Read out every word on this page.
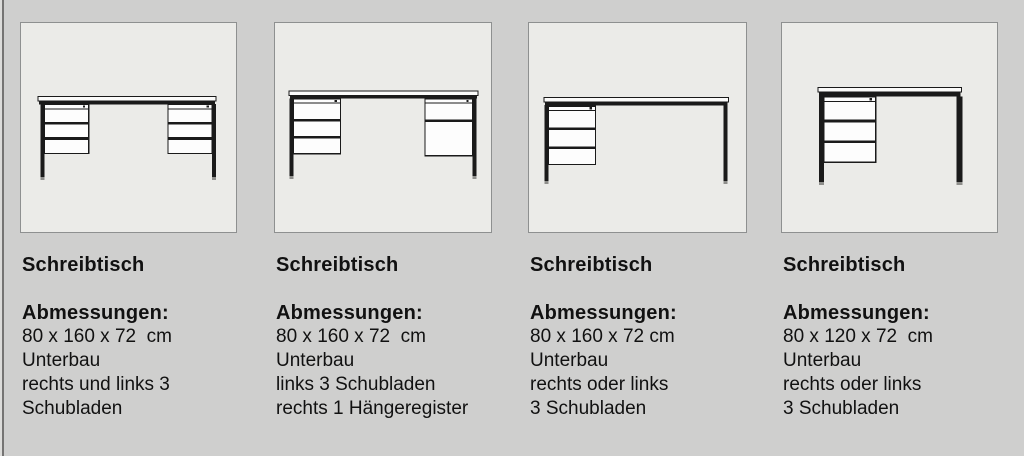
Schreibtisch

Abmessungen:

80 x 160 x 72  cm

Unterbau

rechts und links 3

Schubladen

Schreibtisch

Abmessungen:

80 x 160 x 72  cm

Unterbau

links 3 Schubladen

rechts 1 Hängeregister

Schreibtisch

Abmessungen:

80 x 160 x 72 cm

Unterbau

rechts oder links

3 Schubladen

Schreibtisch

Abmessungen:

80 x 120 x 72  cm

Unterbau

rechts oder links

3 Schubladen
